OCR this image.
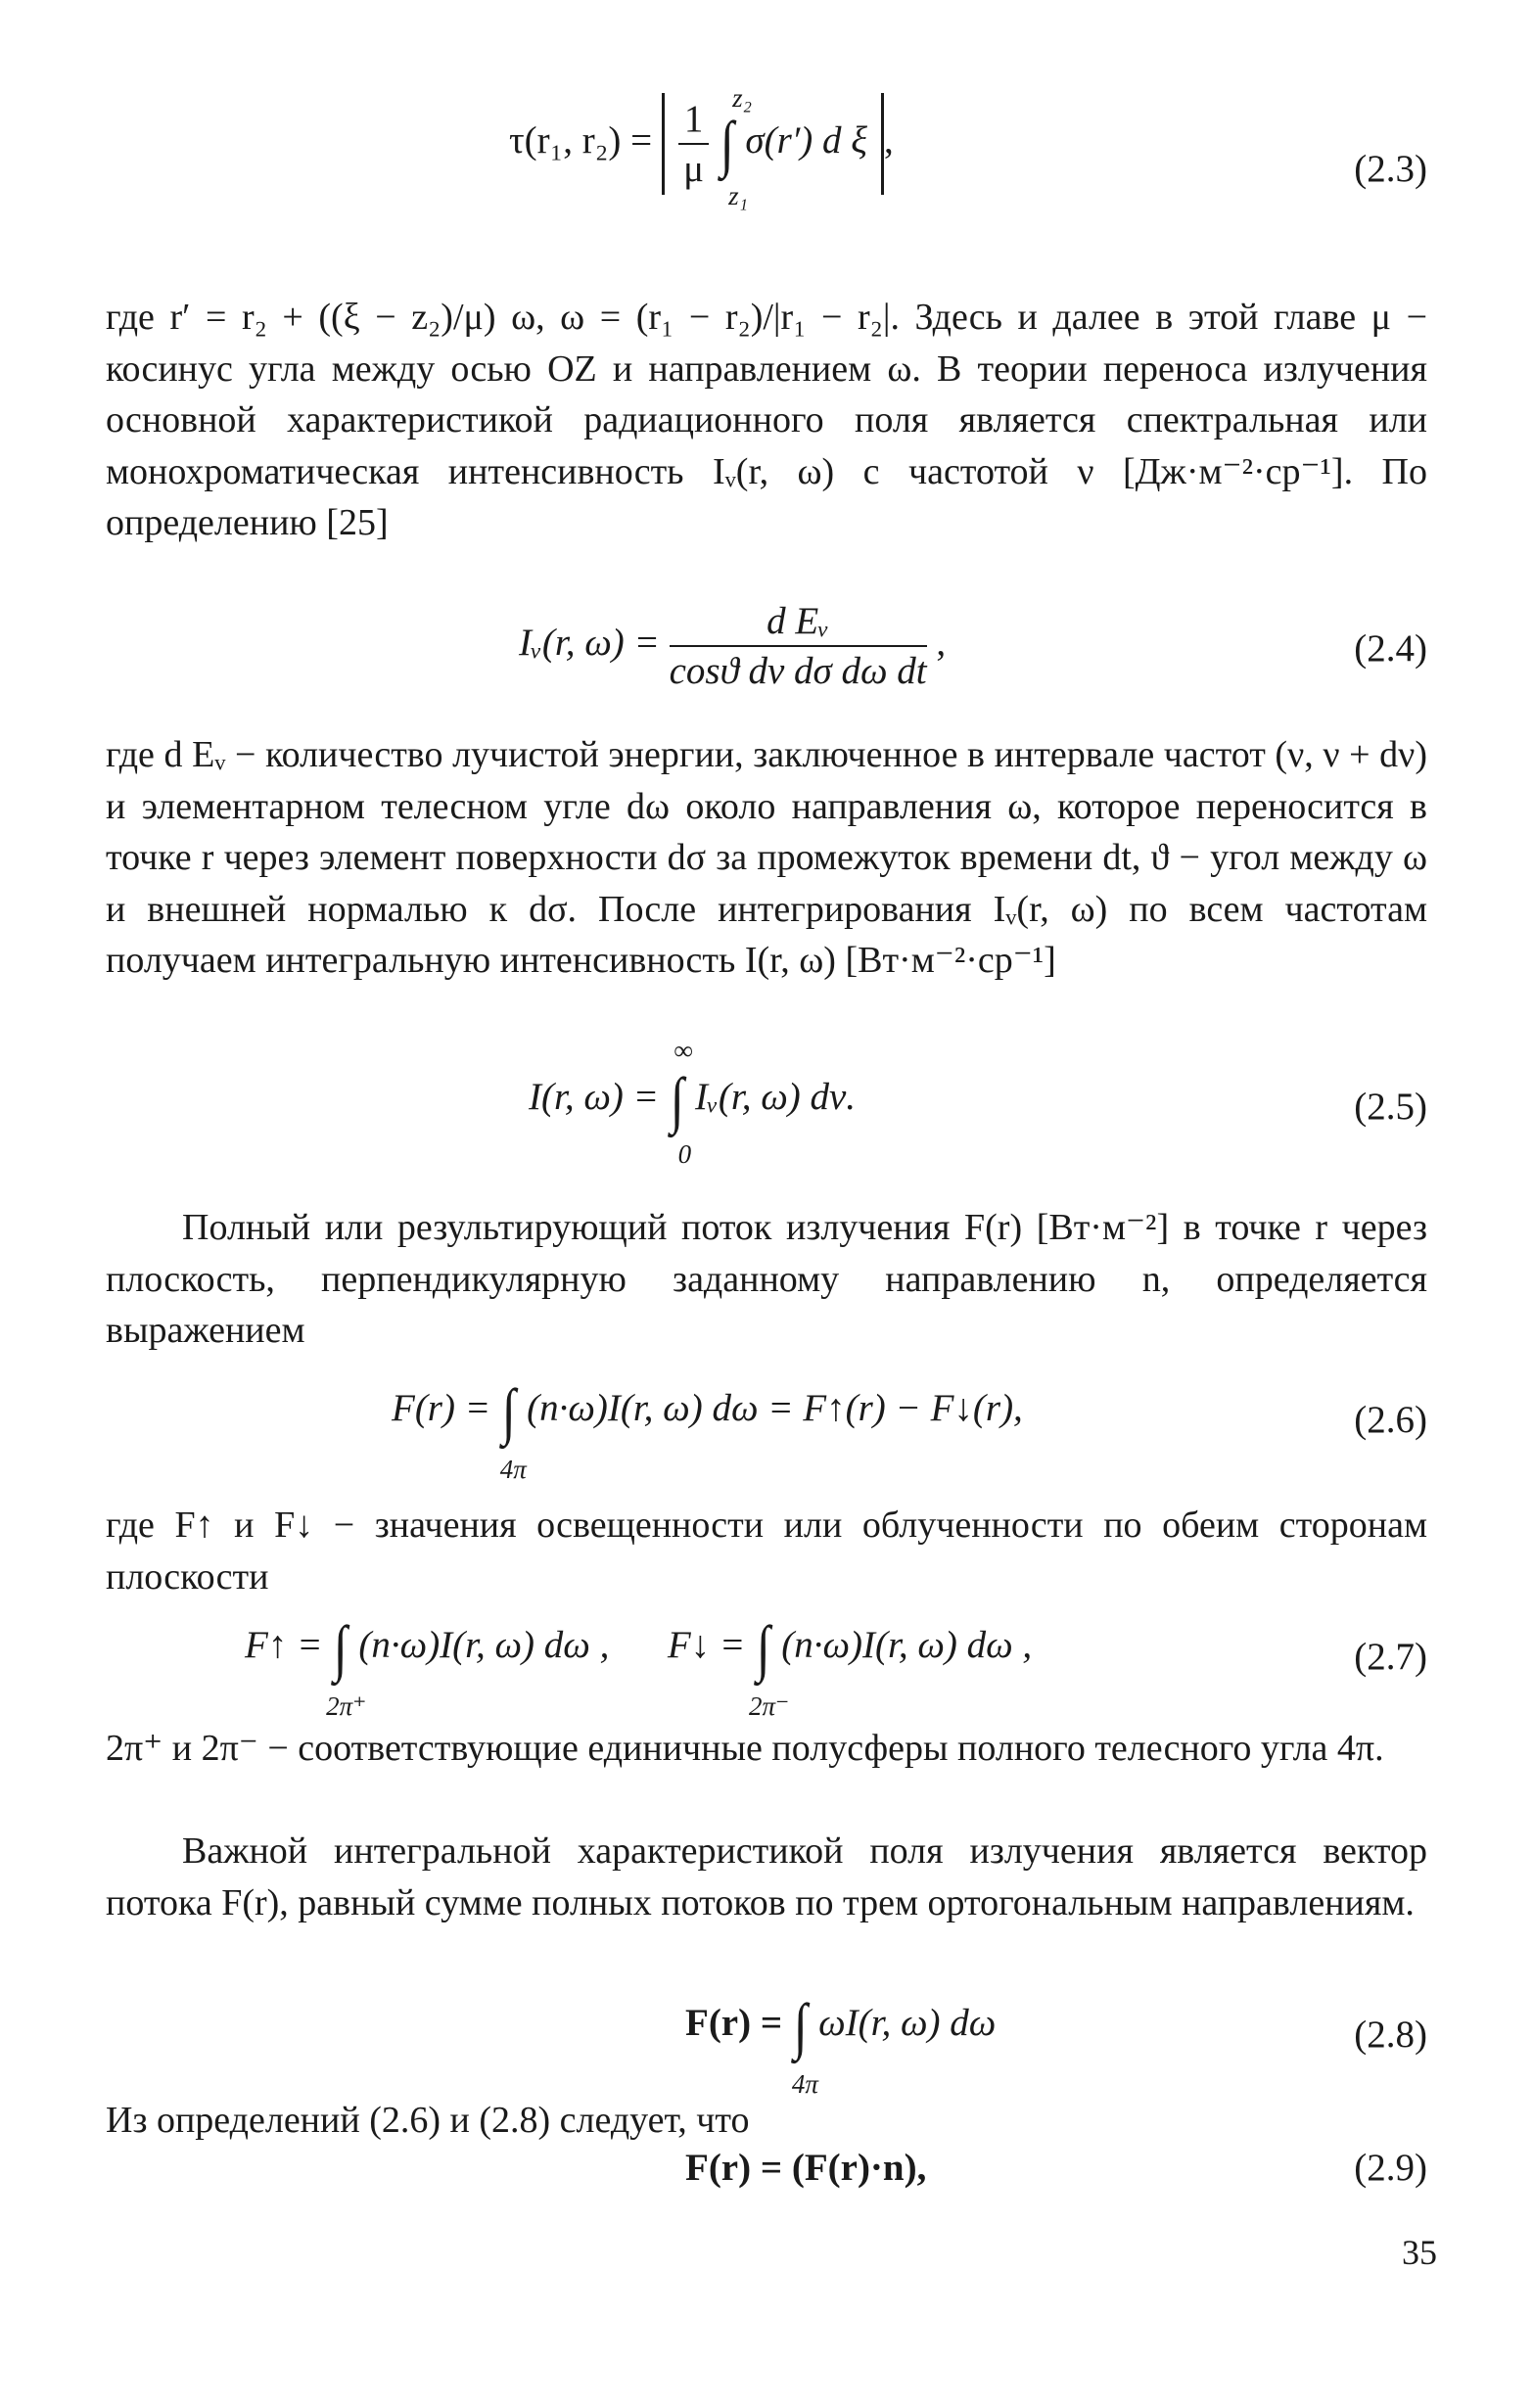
τ(r₁, $r_2) = \frac{1}{\mu}$ ∫
z₂
z₁
σ(r′) d ξ ,
(2.3)
где r′ = r₂ + ((ξ − z₂)/μ) ω, ω = (r₁ − r₂)/|r₁ − r₂|. Здесь и далее в этой главе μ − косинус угла между осью OZ и направлением ω. В теории переноса излучения основной характеристикой радиационного поля является спектральная или монохроматическая интенсивность Iᵥ(r, ω) с частотой ν [Дж·м⁻²·ср⁻¹]. По определению [25]
Iᵥ(r, $\omega) = \frac{\text{d Eᵥ}}{\text{cosϑ dν dσ dω dt}}$ ,	(2.4)
где d Eᵥ − количество лучистой энергии, заключенное в интервале частот (ν, ν + dν) и элементарном телесном угле dω около направления ω, которое переносится в точке r через элемент поверхности dσ за промежуток времени dt, ϑ − угол между ω и внешней нормалью к dσ. После интегрирования Iᵥ(r, ω) по всем частотам получаем интегральную интенсивность I(r, ω) [Вт·м⁻²·ср⁻¹]
I(r, ω) = ∫
∞
0
Iᵥ(r, ω) dν.	(2.5)
Полный или результирующий поток излучения F(r) [Вт·м⁻²] в точке r через плоскость, перпендикулярную заданному направлению n, определяется выражением
F(r) = ∫
4π
(n·ω)I(r, ω) dω = F↑(r) − F↓(r),	(2.6)
где F↑ и F↓ − значения освещенности или облученности по обеим сторонам плоскости
F↑ = ∫
2π⁺
(n·ω)I(r, ω) dω , F↓ = ∫
2π⁻
(n·ω)I(r, ω) dω ,	(2.7)
2π⁺ и 2π⁻ − соответствующие единичные полусферы полного телесного угла 4π.
Важной интегральной характеристикой поля излучения является вектор потока F(r), равный сумме полных потоков по трем ортогональным направлениям.
F(r) = ∫
4π
ωI(r, ω) dω	(2.8)
Из определений (2.6) и (2.8) следует, что
F(r) = (F(r)·n),	(2.9)
35
